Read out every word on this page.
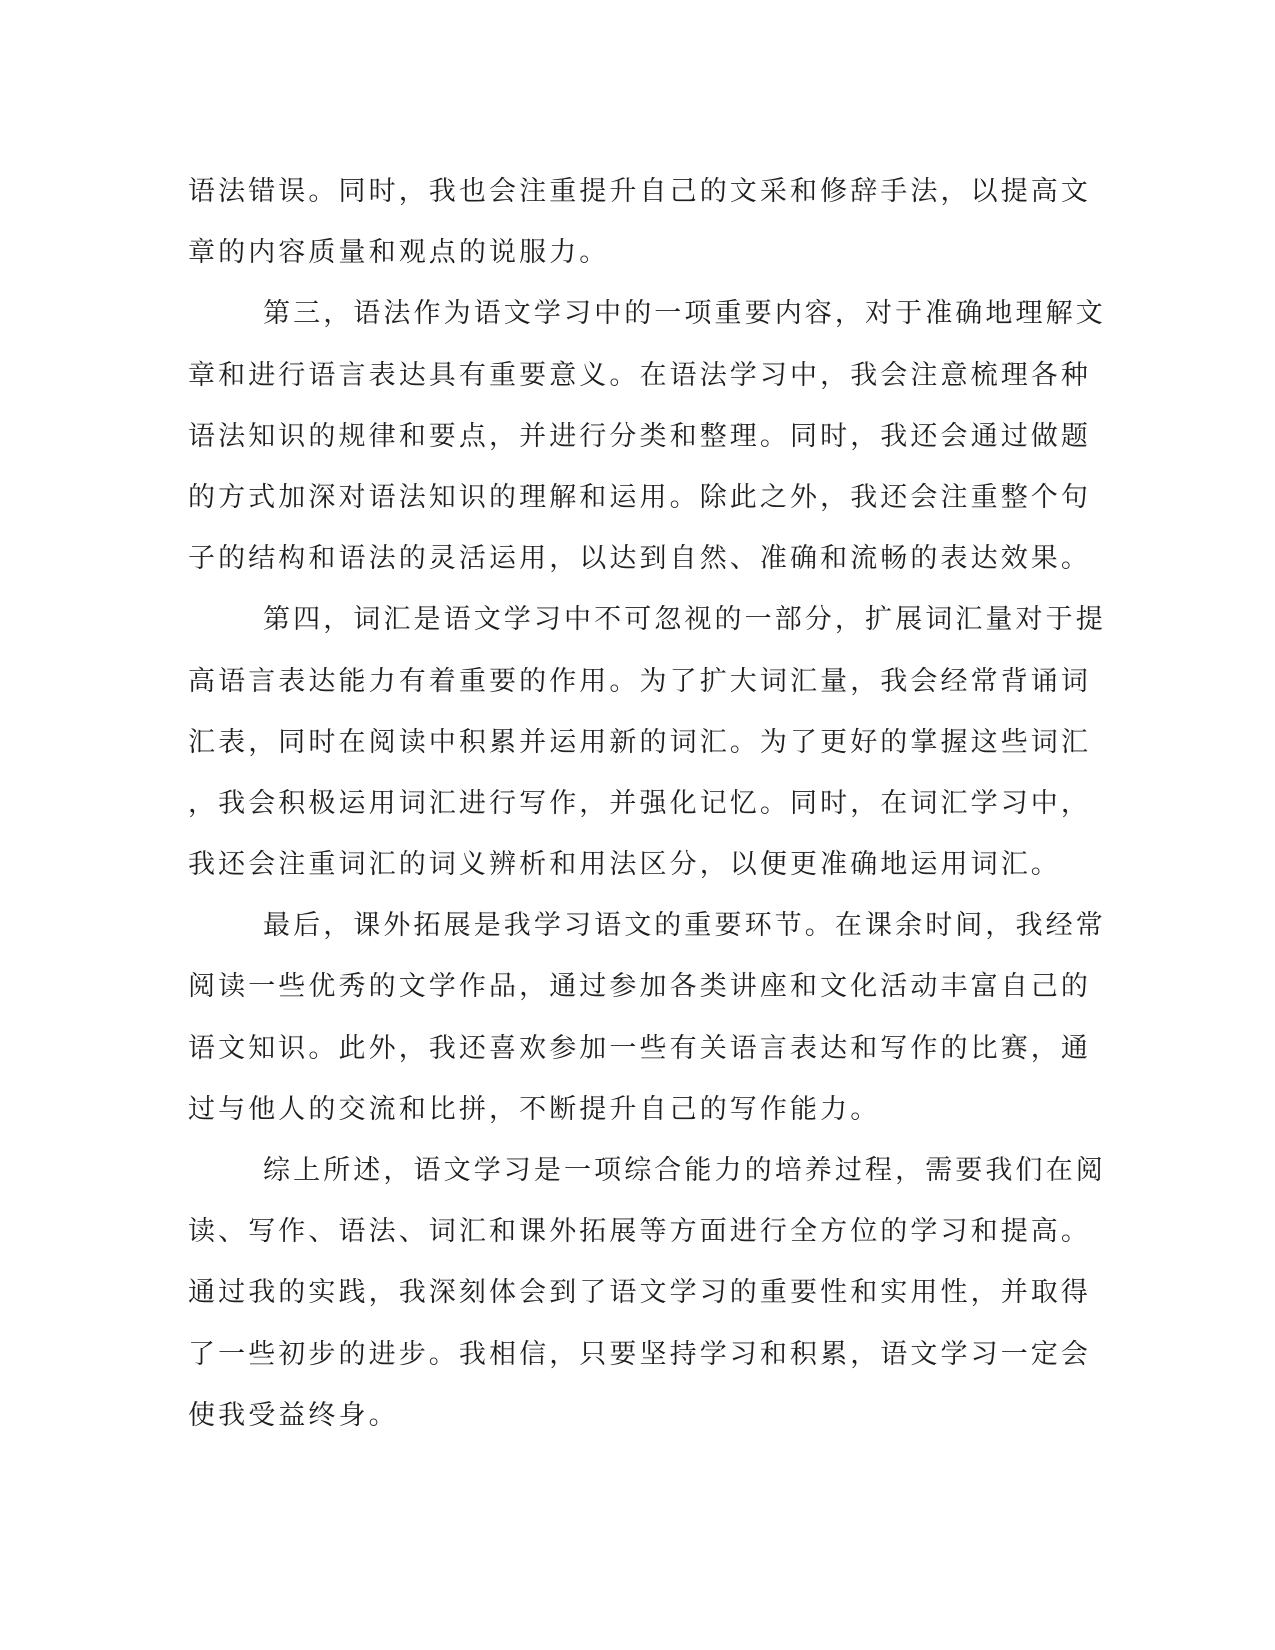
语法错误。同时，我也会注重提升自己的文采和修辞手法，以提高文
章的内容质量和观点的说服力。
第三，语法作为语文学习中的一项重要内容，对于准确地理解文
章和进行语言表达具有重要意义。在语法学习中，我会注意梳理各种
语法知识的规律和要点，并进行分类和整理。同时，我还会通过做题
的方式加深对语法知识的理解和运用。除此之外，我还会注重整个句
子的结构和语法的灵活运用，以达到自然、准确和流畅的表达效果。
第四，词汇是语文学习中不可忽视的一部分，扩展词汇量对于提
高语言表达能力有着重要的作用。为了扩大词汇量，我会经常背诵词
汇表，同时在阅读中积累并运用新的词汇。为了更好的掌握这些词汇
，我会积极运用词汇进行写作，并强化记忆。同时，在词汇学习中，
我还会注重词汇的词义辨析和用法区分，以便更准确地运用词汇。
最后，课外拓展是我学习语文的重要环节。在课余时间，我经常
阅读一些优秀的文学作品，通过参加各类讲座和文化活动丰富自己的
语文知识。此外，我还喜欢参加一些有关语言表达和写作的比赛，通
过与他人的交流和比拼，不断提升自己的写作能力。
综上所述，语文学习是一项综合能力的培养过程，需要我们在阅
读、写作、语法、词汇和课外拓展等方面进行全方位的学习和提高。
通过我的实践，我深刻体会到了语文学习的重要性和实用性，并取得
了一些初步的进步。我相信，只要坚持学习和积累，语文学习一定会
使我受益终身。
